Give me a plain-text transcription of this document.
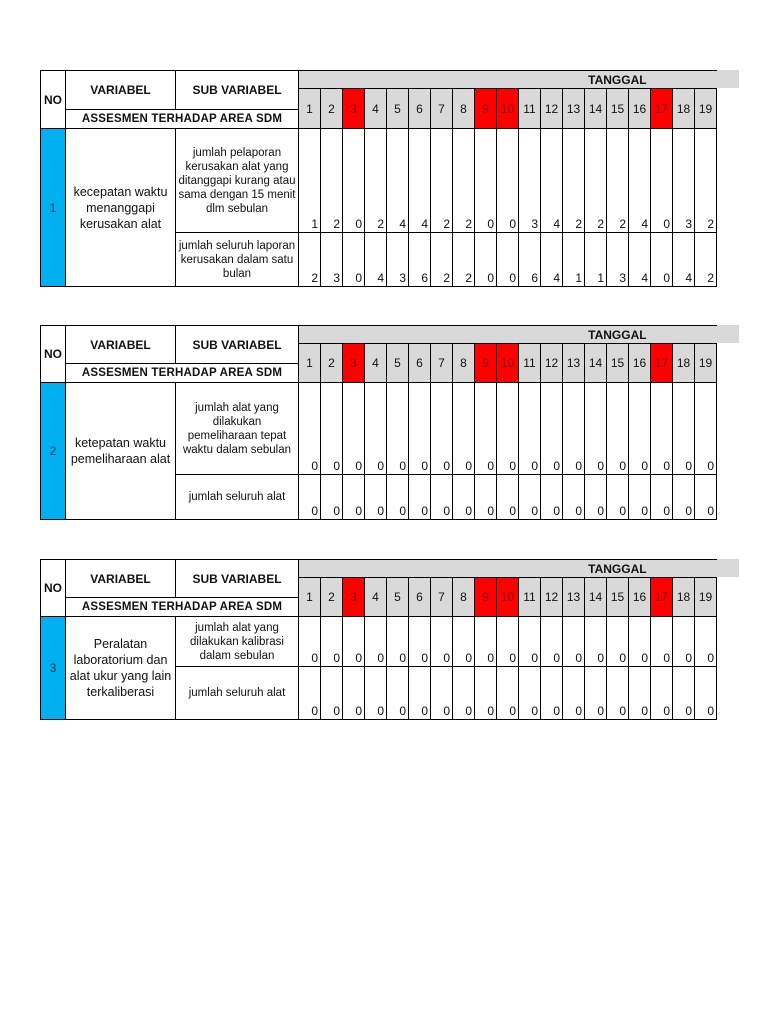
NO	VARIABEL	SUB VARIABEL	TANGGAL																		
			1	2	3	4	5	6	7	8	9	10	11	12	13	14	15	16	17	18	19
	ASSESMEN TERHADAP AREA SDM																				
1	kecepatan waktu menanggapi kerusakan alat	jumlah pelaporan kerusakan alat yang ditanggapi kurang atau sama dengan 15 menit dlm sebulan	1	2	0	2	4	4	2	2	0	0	3	4	2	2	2	4	0	3	2
		jumlah seluruh laporan kerusakan dalam satu bulan	2	3	0	4	3	6	2	2	0	0	6	4	1	1	3	4	0	4	2
NO	VARIABEL	SUB VARIABEL	TANGGAL																		
			1	2	3	4	5	6	7	8	9	10	11	12	13	14	15	16	17	18	19
	ASSESMEN TERHADAP AREA SDM																				
2	ketepatan waktu pemeliharaan alat	jumlah alat yang dilakukan pemeliharaan tepat waktu dalam sebulan	0	0	0	0	0	0	0	0	0	0	0	0	0	0	0	0	0	0	0
		jumlah seluruh alat	0	0	0	0	0	0	0	0	0	0	0	0	0	0	0	0	0	0	0
NO	VARIABEL	SUB VARIABEL	TANGGAL																		
			1	2	3	4	5	6	7	8	9	10	11	12	13	14	15	16	17	18	19
	ASSESMEN TERHADAP AREA SDM																				
3	Peralatan laboratorium dan alat ukur yang lain terkaliberasi	jumlah alat yang dilakukan kalibrasi dalam sebulan	0	0	0	0	0	0	0	0	0	0	0	0	0	0	0	0	0	0	0
		jumlah seluruh alat	0	0	0	0	0	0	0	0	0	0	0	0	0	0	0	0	0	0	0
